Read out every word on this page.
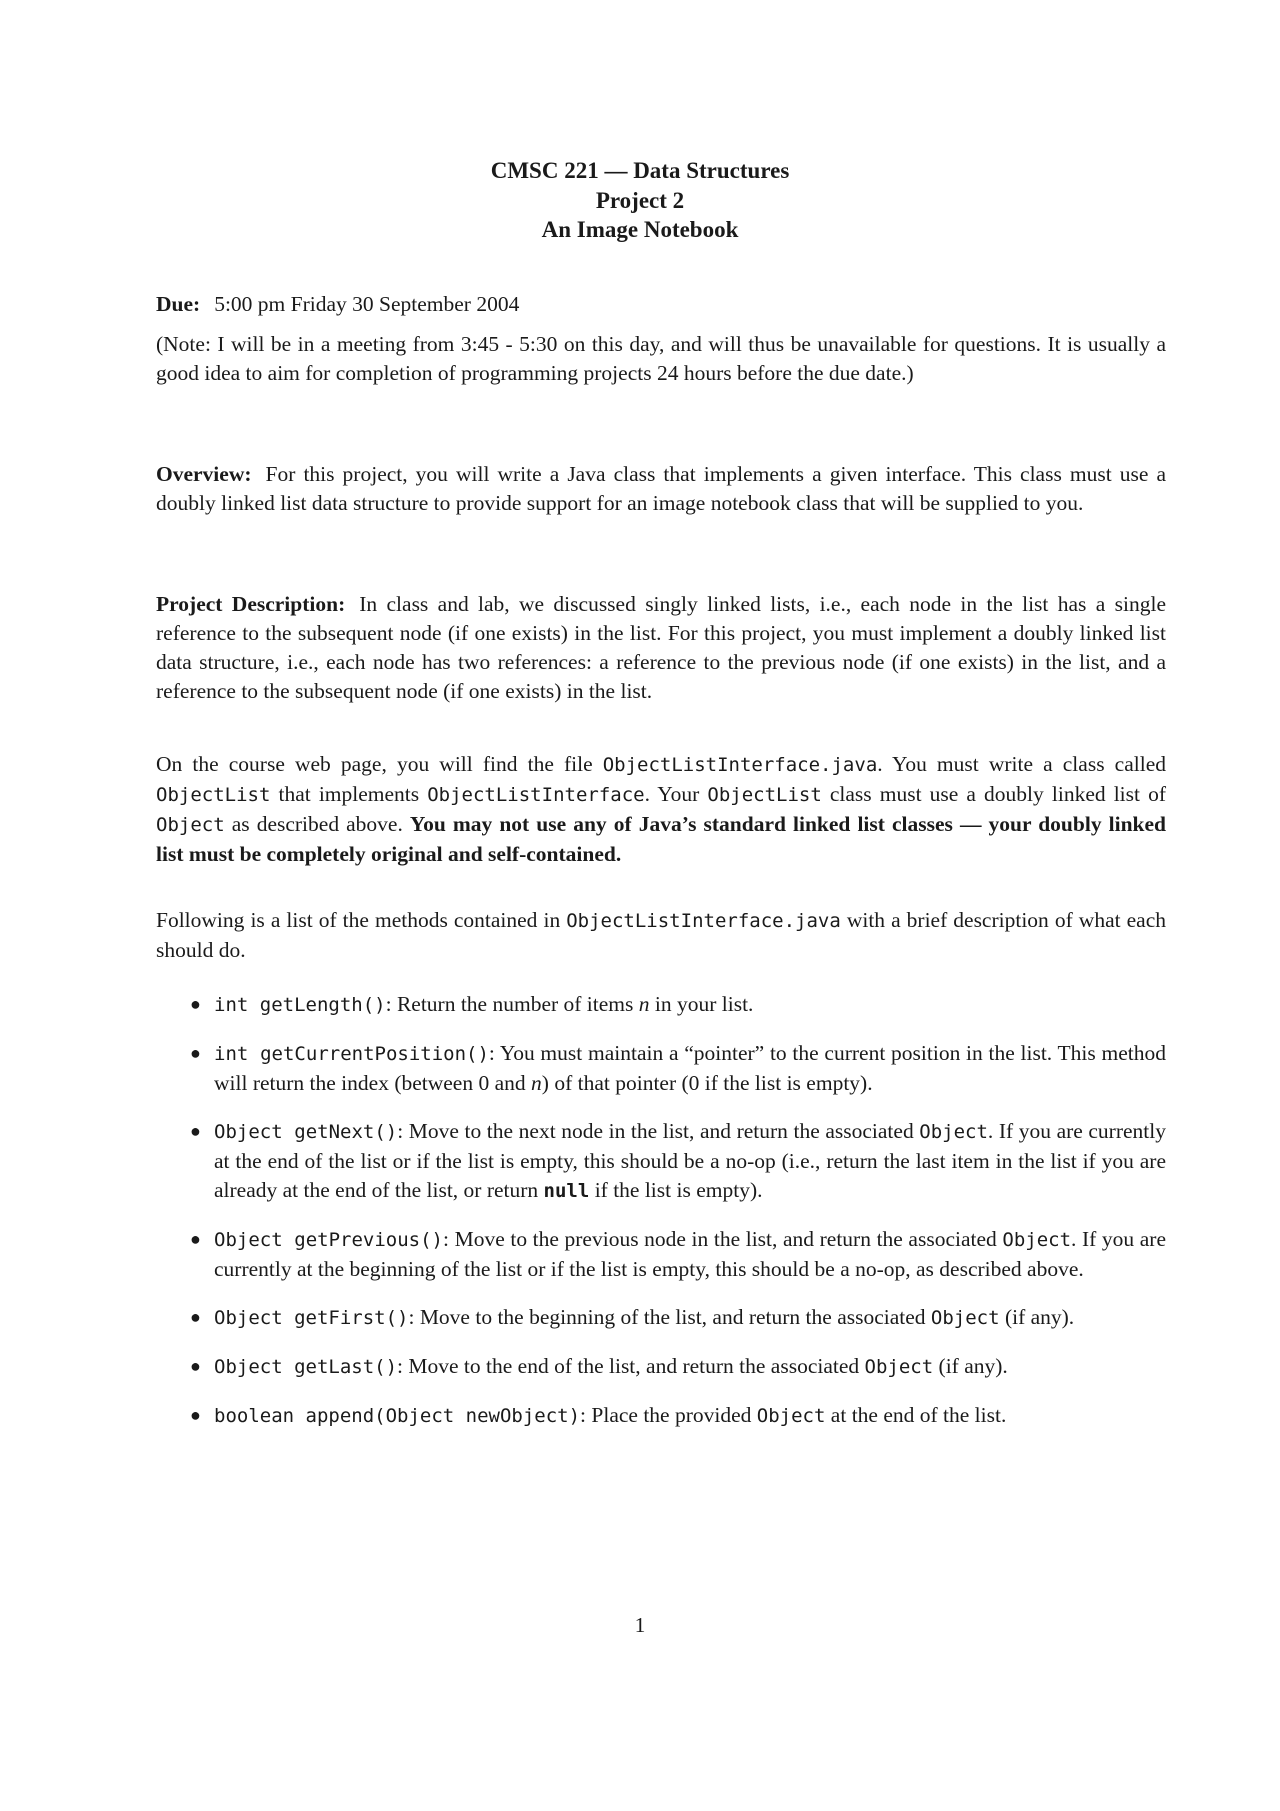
CMSC 221 — Data Structures
Project 2
An Image Notebook

Due: 5:00 pm Friday 30 September 2004

(Note: I will be in a meeting from 3:45 - 5:30 on this day, and will thus be unavailable for questions. It is usually a good idea to aim for completion of programming projects 24 hours before the due date.)

Overview: For this project, you will write a Java class that implements a given interface. This class must use a doubly linked list data structure to provide support for an image notebook class that will be supplied to you.

Project Description: In class and lab, we discussed singly linked lists, i.e., each node in the list has a single reference to the subsequent node (if one exists) in the list. For this project, you must implement a doubly linked list data structure, i.e., each node has two references: a reference to the previous node (if one exists) in the list, and a reference to the subsequent node (if one exists) in the list.

On the course web page, you will find the file ObjectListInterface.java. You must write a class called ObjectList that implements ObjectListInterface. Your ObjectList class must use a doubly linked list of Object as described above. You may not use any of Java’s standard linked list classes — your doubly linked list must be completely original and self-contained.

Following is a list of the methods contained in ObjectListInterface.java with a brief description of what each should do.

● int getLength(): Return the number of items n in your list.
● int getCurrentPosition(): You must maintain a “pointer” to the current position in the list. This method will return the index (between 0 and n) of that pointer (0 if the list is empty).
● Object getNext(): Move to the next node in the list, and return the associated Object. If you are currently at the end of the list or if the list is empty, this should be a no-op (i.e., return the last item in the list if you are already at the end of the list, or return null if the list is empty).
● Object getPrevious(): Move to the previous node in the list, and return the associated Object. If you are currently at the beginning of the list or if the list is empty, this should be a no-op, as described above.
● Object getFirst(): Move to the beginning of the list, and return the associated Object (if any).
● Object getLast(): Move to the end of the list, and return the associated Object (if any).
● boolean append(Object newObject): Place the provided Object at the end of the list.
1
